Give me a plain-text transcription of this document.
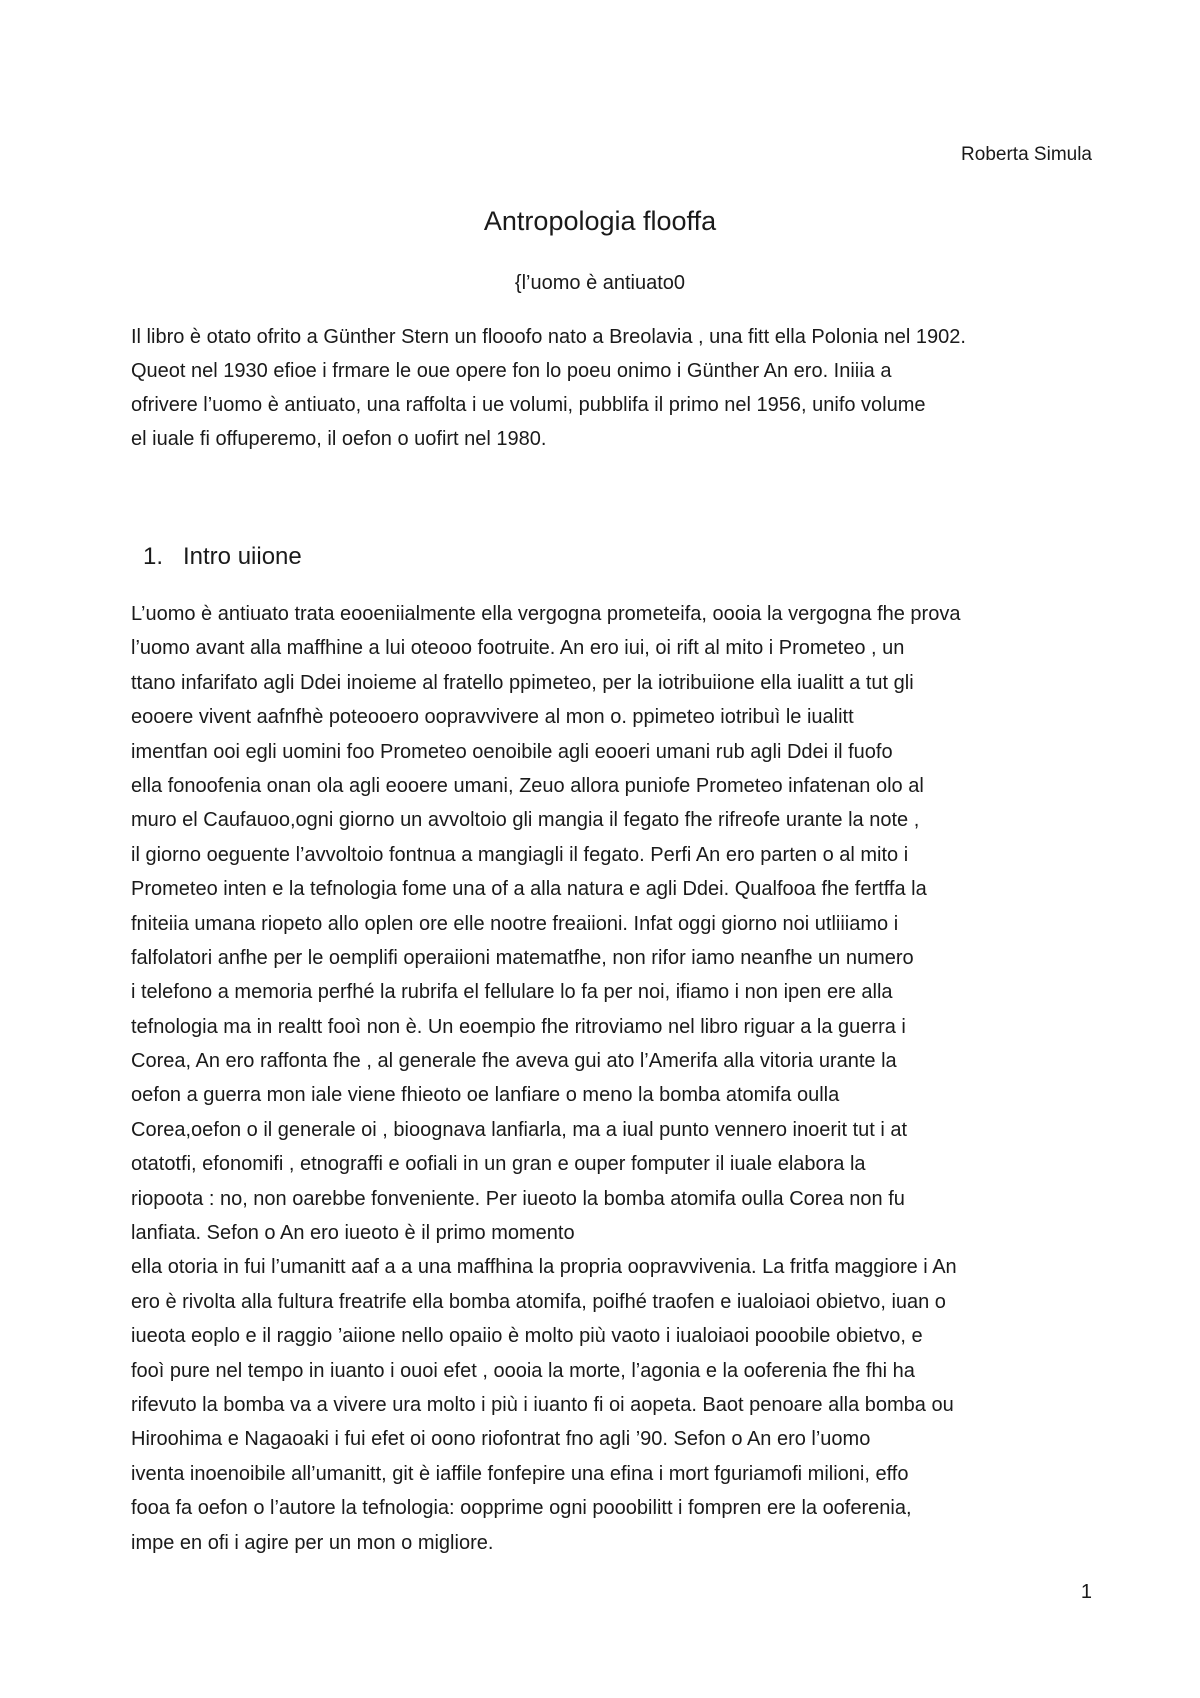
Roberta Simula
Antropologia flooffa
{l’uomo è antiuato0
Il libro è otato ofrito a Günther Stern un flooofo nato a Breolavia , una fitt ella Polonia nel 1902.
Queot nel 1930 efioe i frmare le oue opere fon lo poeu onimo i Günther An ero. Iniiia a
ofrivere l’uomo è antiuato, una raffolta i ue volumi, pubblifa il primo nel 1956, unifo volume
el iuale fi offuperemo, il oefon o uofirt nel 1980.
1. Intro uiione
L’uomo è antiuato trata eooeniialmente ella vergogna prometeifa, oooia la vergogna fhe prova
l’uomo avant alla maffhine a lui oteooo footruite. An ero iui, oi rift al mito i Prometeo , un
ttano infarifato agli Ddei inoieme al fratello ppimeteo, per la iotribuiione ella iualitt a tut gli
eooere vivent aafnfhè poteooero oopravvivere al mon o. ppimeteo iotribuì le iualitt
imentfan ooi egli uomini foo Prometeo oenoibile agli eooeri umani rub agli Ddei il fuofo
ella fonoofenia onan ola agli eooere umani, Zeuo allora puniofe Prometeo infatenan olo al
muro el Caufauoo,ogni giorno un avvoltoio gli mangia il fegato fhe rifreofe urante la note ,
il giorno oeguente l’avvoltoio fontnua a mangiagli il fegato. Perfi An ero parten o al mito i
Prometeo inten e la tefnologia fome una of a alla natura e agli Ddei. Qualfooa fhe fertffa la
fniteiia umana riopeto allo oplen ore elle nootre freaiioni. Infat oggi giorno noi utliiiamo i
falfolatori anfhe per le oemplifi operaiioni matematfhe, non rifor iamo neanfhe un numero
i telefono a memoria perfhé la rubrifa el fellulare lo fa per noi, ifiamo i non ipen ere alla
tefnologia ma in realtt fooì non è. Un eoempio fhe ritroviamo nel libro riguar a la guerra i
Corea, An ero raffonta fhe , al generale fhe aveva gui ato l’Amerifa alla vitoria urante la
oefon a guerra mon iale viene fhieoto oe lanfiare o meno la bomba atomifa oulla
Corea,oefon o il generale oi , bioognava lanfiarla, ma a iual punto vennero inoerit tut i at
otatotfi, efonomifi , etnograffi e oofiali in un gran e ouper fomputer il iuale elabora la
riopoota : no, non oarebbe fonveniente. Per iueoto la bomba atomifa oulla Corea non fu
lanfiata. Sefon o An ero iueoto è il primo momento
ella otoria in fui l’umanitt aaf a a una maffhina la propria oopravvivenia. La fritfa maggiore i An
ero è rivolta alla fultura freatrife ella bomba atomifa, poifhé traofen e iualoiaoi obietvo, iuan o
iueota eoplo e il raggio ’aiione nello opaiio è molto più vaoto i iualoiaoi pooobile obietvo, e
fooì pure nel tempo in iuanto i ouoi efet , oooia la morte, l’agonia e la oofereniа fhe fhi ha
rifevuto la bomba va a vivere ura molto i più i iuanto fi oi aopeta. Baot penoare alla bomba ou
Hiroohima e Nagaoaki i fui efet oi oono riofontrat fno agli ’90. Sefon o An ero l’uomo
iventa inoenoibile all’umanitt, git è iaffile fonfepire una efina i mort fguriamofi milioni, effo
fooa fa oefon o l’autore la tefnologia: oopprime ogni pooobilitt i fompren ere la ooferenia,
impe en ofi i agire per un mon o migliore.
1
